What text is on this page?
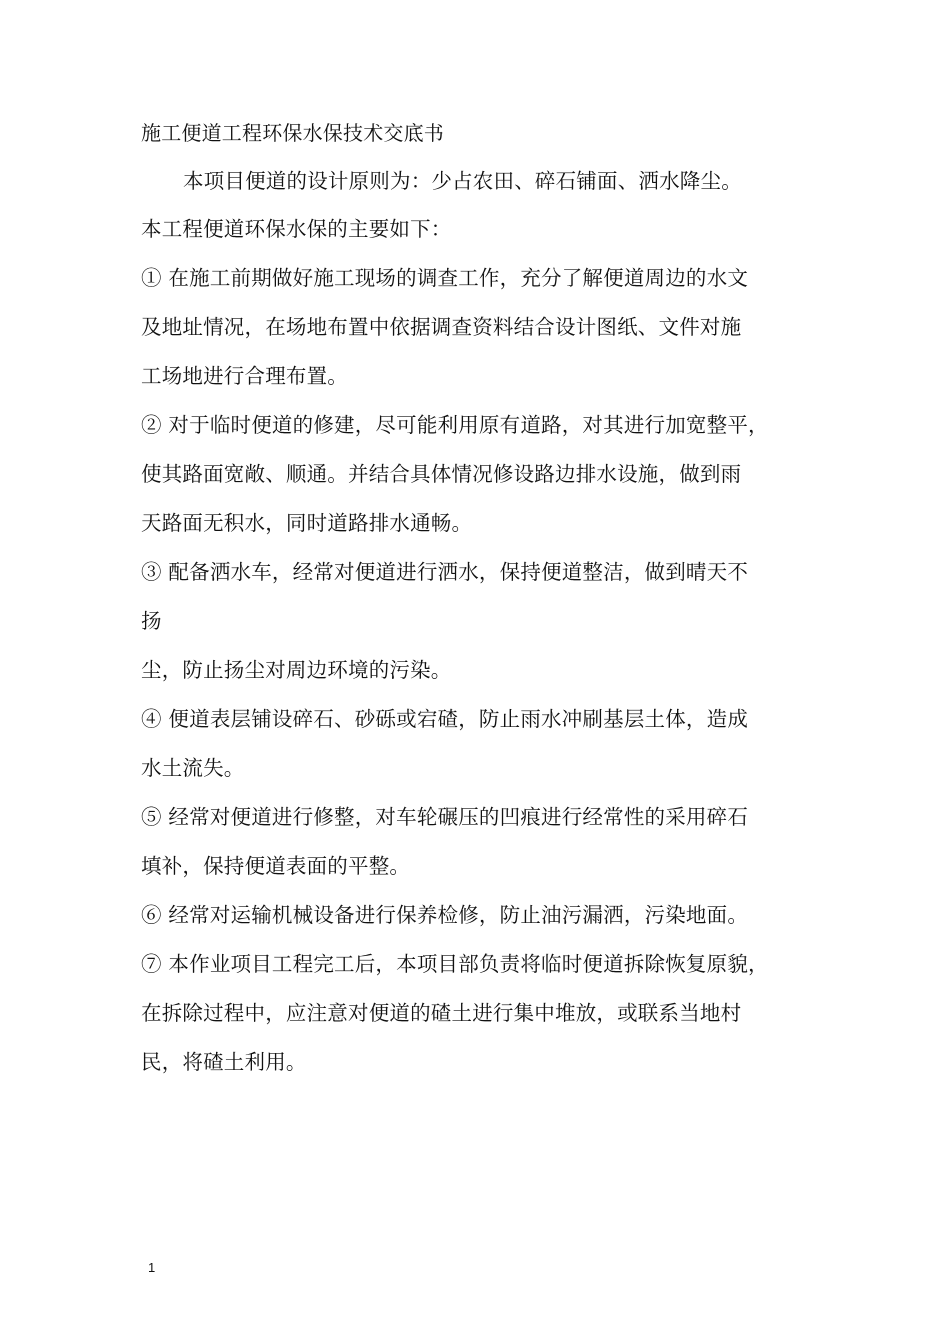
施工便道工程环保水保技术交底书
本项目便道的设计原则为：少占农田、碎石铺面、洒水降尘。
本工程便道环保水保的主要如下：
① 在施工前期做好施工现场的调查工作，充分了解便道周边的水文
及地址情况，在场地布置中依据调查资料结合设计图纸、文件对施
工场地进行合理布置。
② 对于临时便道的修建，尽可能利用原有道路，对其进行加宽整平，
使其路面宽敞、顺通。并结合具体情况修设路边排水设施，做到雨
天路面无积水，同时道路排水通畅。
③ 配备洒水车，经常对便道进行洒水，保持便道整洁，做到晴天不
扬
尘，防止扬尘对周边环境的污染。
④ 便道表层铺设碎石、砂砾或宕碴，防止雨水冲刷基层土体，造成
水土流失。
⑤ 经常对便道进行修整，对车轮碾压的凹痕进行经常性的采用碎石
填补，保持便道表面的平整。
⑥ 经常对运输机械设备进行保养检修，防止油污漏洒，污染地面。
⑦ 本作业项目工程完工后，本项目部负责将临时便道拆除恢复原貌，
在拆除过程中，应注意对便道的碴土进行集中堆放，或联系当地村
民，将碴土利用。
1
